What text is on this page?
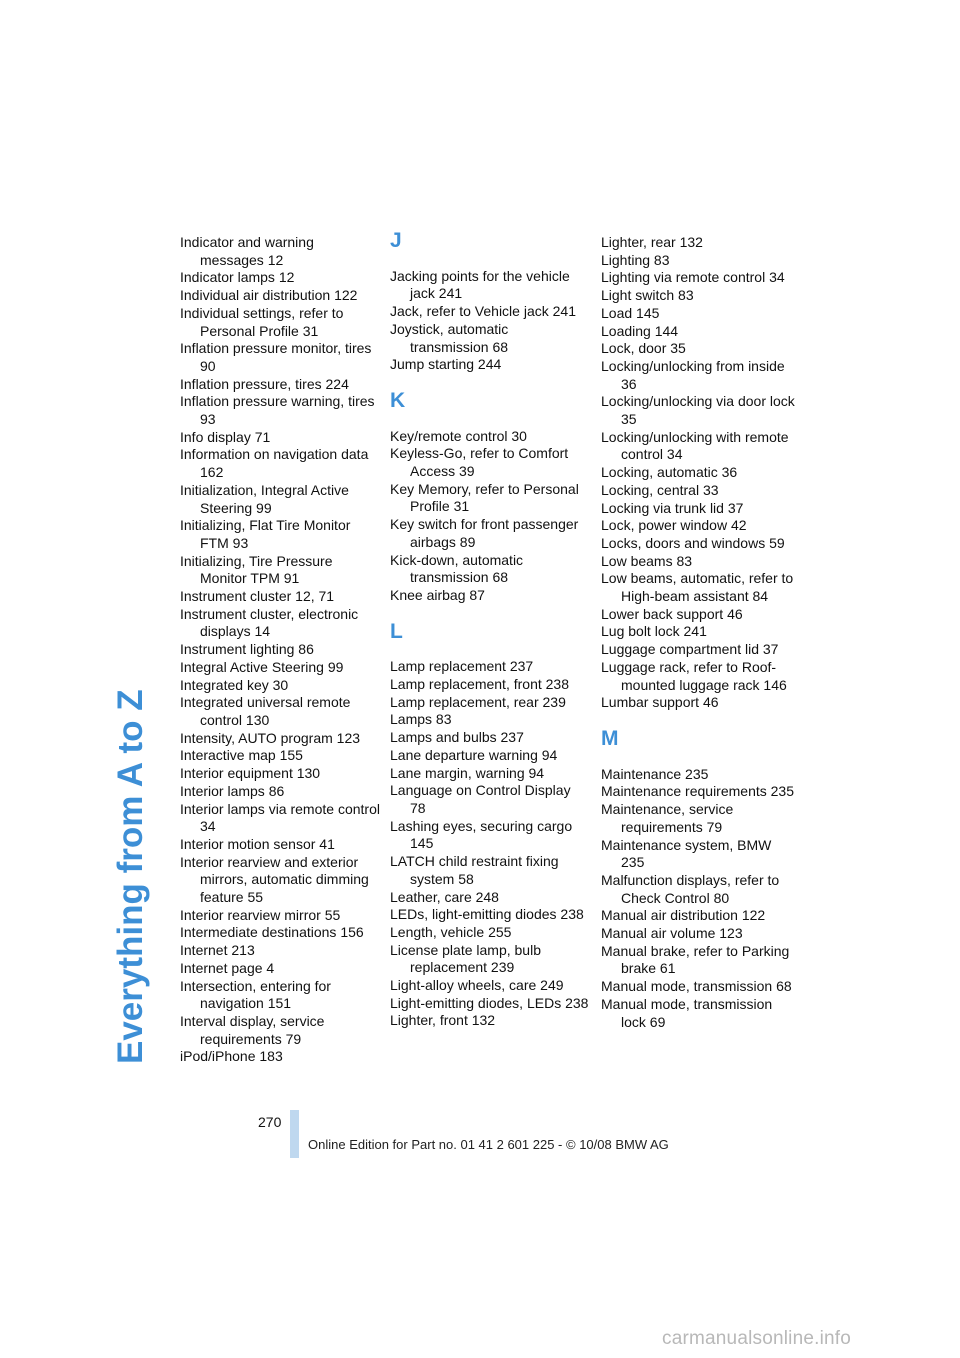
Everything from A to Z
Indicator and warning messages 12
Indicator lamps 12
Individual air distribution 122
Individual settings, refer to Personal Profile 31
Inflation pressure monitor, tires 90
Inflation pressure, tires 224
Inflation pressure warning, tires 93
Info display 71
Information on navigation data 162
Initialization, Integral Active Steering 99
Initializing, Flat Tire Monitor FTM 93
Initializing, Tire Pressure Monitor TPM 91
Instrument cluster 12, 71
Instrument cluster, electronic displays 14
Instrument lighting 86
Integral Active Steering 99
Integrated key 30
Integrated universal remote control 130
Intensity, AUTO program 123
Interactive map 155
Interior equipment 130
Interior lamps 86
Interior lamps via remote control 34
Interior motion sensor 41
Interior rearview and exterior mirrors, automatic dimming feature 55
Interior rearview mirror 55
Intermediate destinations 156
Internet 213
Internet page 4
Intersection, entering for navigation 151
Interval display, service requirements 79
iPod/iPhone 183
J
Jacking points for the vehicle jack 241
Jack, refer to Vehicle jack 241
Joystick, automatic transmission 68
Jump starting 244
K
Key/remote control 30
Keyless-Go, refer to Comfort Access 39
Key Memory, refer to Personal Profile 31
Key switch for front passenger airbags 89
Kick-down, automatic transmission 68
Knee airbag 87
L
Lamp replacement 237
Lamp replacement, front 238
Lamp replacement, rear 239
Lamps 83
Lamps and bulbs 237
Lane departure warning 94
Lane margin, warning 94
Language on Control Display 78
Lashing eyes, securing cargo 145
LATCH child restraint fixing system 58
Leather, care 248
LEDs, light-emitting diodes 238
Length, vehicle 255
License plate lamp, bulb replacement 239
Light-alloy wheels, care 249
Light-emitting diodes, LEDs 238
Lighter, front 132
Lighter, rear 132
Lighting 83
Lighting via remote control 34
Light switch 83
Load 145
Loading 144
Lock, door 35
Locking/unlocking from inside 36
Locking/unlocking via door lock 35
Locking/unlocking with remote control 34
Locking, automatic 36
Locking, central 33
Locking via trunk lid 37
Lock, power window 42
Locks, doors and windows 59
Low beams 83
Low beams, automatic, refer to High-beam assistant 84
Lower back support 46
Lug bolt lock 241
Luggage compartment lid 37
Luggage rack, refer to Roof-mounted luggage rack 146
Lumbar support 46
M
Maintenance 235
Maintenance requirements 235
Maintenance, service requirements 79
Maintenance system, BMW 235
Malfunction displays, refer to Check Control 80
Manual air distribution 122
Manual air volume 123
Manual brake, refer to Parking brake 61
Manual mode, transmission 68
Manual mode, transmission lock 69
270
Online Edition for Part no. 01 41 2 601 225 - © 10/08 BMW AG
carmanualsonline.info
